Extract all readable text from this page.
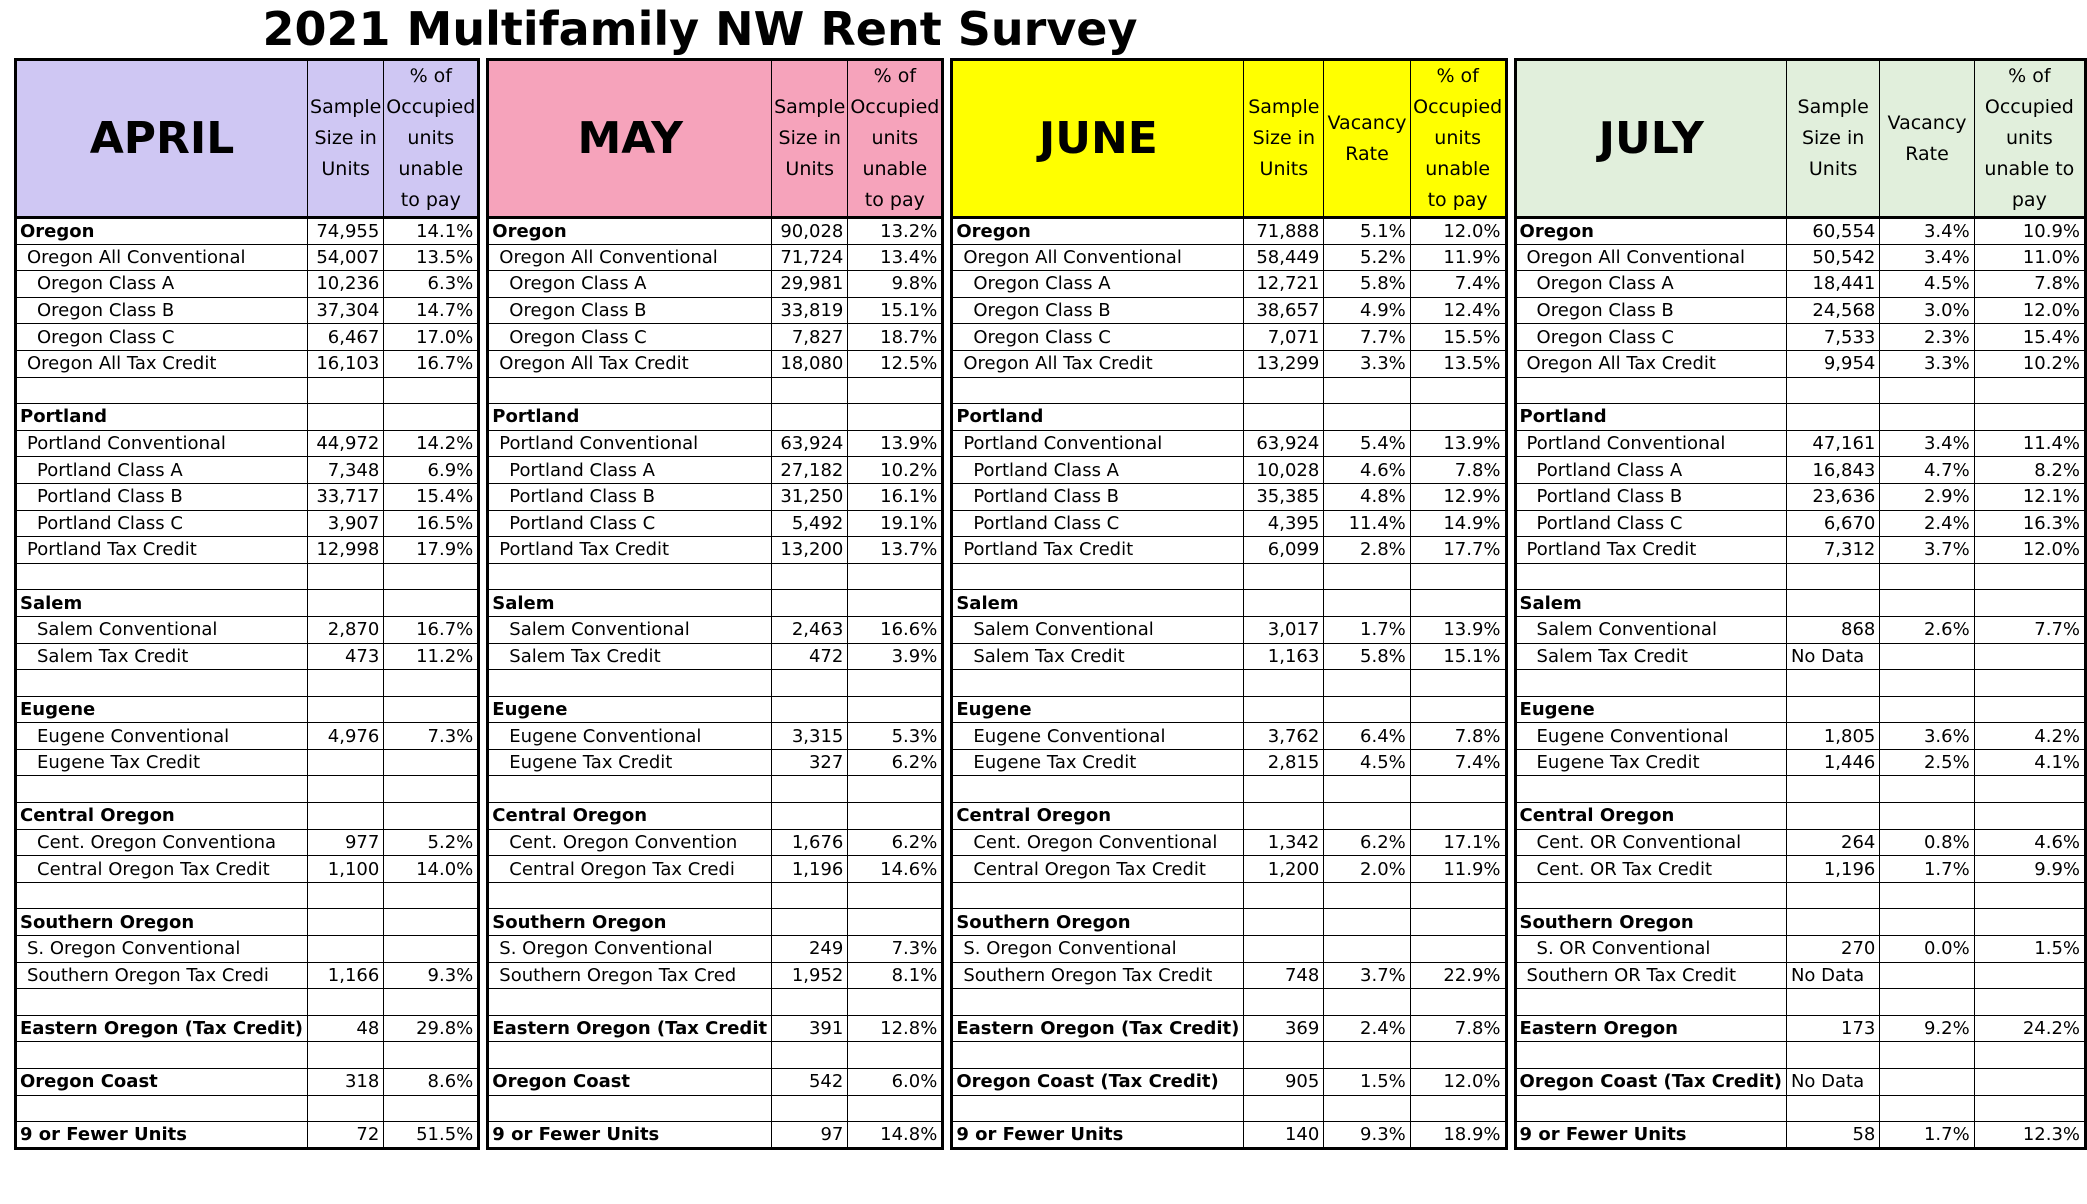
2021 Multifamily NW Rent Survey
APRIL	Sample Size in Units	% of Occupied units unable to pay
Oregon	74,955	14.1%
Oregon All Conventional	54,007	13.5%
Oregon Class A	10,236	6.3%
Oregon Class B	37,304	14.7%
Oregon Class C	6,467	17.0%
Oregon All Tax Credit	16,103	16.7%

Portland		
Portland Conventional	44,972	14.2%
Portland Class A	7,348	6.9%
Portland Class B	33,717	15.4%
Portland Class C	3,907	16.5%
Portland Tax Credit	12,998	17.9%

Salem		
Salem Conventional	2,870	16.7%
Salem Tax Credit	473	11.2%

Eugene		
Eugene Conventional	4,976	7.3%
Eugene Tax Credit		

Central Oregon		
Cent. Oregon Conventiona	977	5.2%
Central Oregon Tax Credit	1,100	14.0%

Southern Oregon		
S. Oregon Conventional		
Southern Oregon Tax Credi	1,166	9.3%

Eastern Oregon (Tax Credit)	48	29.8%

Oregon Coast	318	8.6%

9 or Fewer Units	72	51.5%
MAY	Sample Size in Units	% of Occupied units unable to pay
Oregon	90,028	13.2%
Oregon All Conventional	71,724	13.4%
Oregon Class A	29,981	9.8%
Oregon Class B	33,819	15.1%
Oregon Class C	7,827	18.7%
Oregon All Tax Credit	18,080	12.5%

Portland		
Portland Conventional	63,924	13.9%
Portland Class A	27,182	10.2%
Portland Class B	31,250	16.1%
Portland Class C	5,492	19.1%
Portland Tax Credit	13,200	13.7%

Salem		
Salem Conventional	2,463	16.6%
Salem Tax Credit	472	3.9%

Eugene		
Eugene Conventional	3,315	5.3%
Eugene Tax Credit	327	6.2%

Central Oregon		
Cent. Oregon Convention	1,676	6.2%
Central Oregon Tax Credi	1,196	14.6%

Southern Oregon		
S. Oregon Conventional	249	7.3%
Southern Oregon Tax Cred	1,952	8.1%

Eastern Oregon (Tax Credit	391	12.8%

Oregon Coast	542	6.0%

9 or Fewer Units	97	14.8%
JUNE	Sample Size in Units	Vacancy Rate	% of Occupied units unable to pay
Oregon	71,888	5.1%	12.0%
Oregon All Conventional	58,449	5.2%	11.9%
Oregon Class A	12,721	5.8%	7.4%
Oregon Class B	38,657	4.9%	12.4%
Oregon Class C	7,071	7.7%	15.5%
Oregon All Tax Credit	13,299	3.3%	13.5%

Portland			
Portland Conventional	63,924	5.4%	13.9%
Portland Class A	10,028	4.6%	7.8%
Portland Class B	35,385	4.8%	12.9%
Portland Class C	4,395	11.4%	14.9%
Portland Tax Credit	6,099	2.8%	17.7%

Salem			
Salem Conventional	3,017	1.7%	13.9%
Salem Tax Credit	1,163	5.8%	15.1%

Eugene			
Eugene Conventional	3,762	6.4%	7.8%
Eugene Tax Credit	2,815	4.5%	7.4%

Central Oregon			
Cent. Oregon Conventional	1,342	6.2%	17.1%
Central Oregon Tax Credit	1,200	2.0%	11.9%

Southern Oregon			
S. Oregon Conventional			
Southern Oregon Tax Credit	748	3.7%	22.9%

Eastern Oregon (Tax Credit)	369	2.4%	7.8%

Oregon Coast (Tax Credit)	905	1.5%	12.0%

9 or Fewer Units	140	9.3%	18.9%
JULY	Sample Size in Units	Vacancy Rate	% of Occupied units unable to pay
Oregon	60,554	3.4%	10.9%
Oregon All Conventional	50,542	3.4%	11.0%
Oregon Class A	18,441	4.5%	7.8%
Oregon Class B	24,568	3.0%	12.0%
Oregon Class C	7,533	2.3%	15.4%
Oregon All Tax Credit	9,954	3.3%	10.2%

Portland			
Portland Conventional	47,161	3.4%	11.4%
Portland Class A	16,843	4.7%	8.2%
Portland Class B	23,636	2.9%	12.1%
Portland Class C	6,670	2.4%	16.3%
Portland Tax Credit	7,312	3.7%	12.0%

Salem			
Salem Conventional	868	2.6%	7.7%
Salem Tax Credit	No Data		

Eugene			
Eugene Conventional	1,805	3.6%	4.2%
Eugene Tax Credit	1,446	2.5%	4.1%

Central Oregon			
Cent. OR Conventional	264	0.8%	4.6%
Cent. OR Tax Credit	1,196	1.7%	9.9%

Southern Oregon			
S. OR Conventional	270	0.0%	1.5%
Southern OR Tax Credit	No Data		

Eastern Oregon	173	9.2%	24.2%

Oregon Coast (Tax Credit)	No Data		

9 or Fewer Units	58	1.7%	12.3%
